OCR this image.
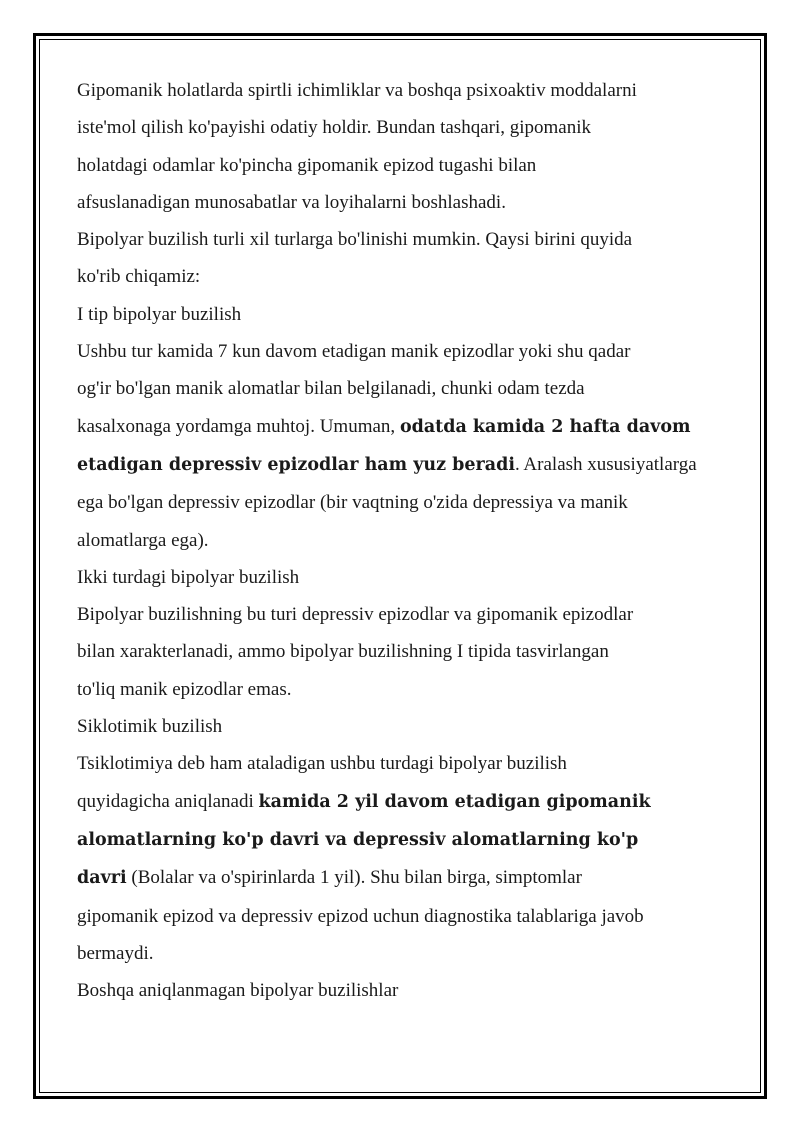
Gipomanik holatlarda spirtli ichimliklar va boshqa psixoaktiv moddalarni
iste'mol qilish ko'payishi odatiy holdir. Bundan tashqari, gipomanik
holatdagi odamlar ko'pincha gipomanik epizod tugashi bilan
afsuslanadigan munosabatlar va loyihalarni boshlashadi.
Bipolyar buzilish turli xil turlarga bo'linishi mumkin. Qaysi birini quyida
ko'rib chiqamiz:
I tip bipolyar buzilish
Ushbu tur kamida 7 kun davom etadigan manik epizodlar yoki shu qadar
og'ir bo'lgan manik alomatlar bilan belgilanadi, chunki odam tezda
kasalxonaga yordamga muhtoj. Umuman, odatda kamida 2 hafta davom
etadigan depressiv epizodlar ham yuz beradi. Aralash xususiyatlarga
ega bo'lgan depressiv epizodlar (bir vaqtning o'zida depressiya va manik
alomatlarga ega).
Ikki turdagi bipolyar buzilish
Bipolyar buzilishning bu turi depressiv epizodlar va gipomanik epizodlar
bilan xarakterlanadi, ammo bipolyar buzilishning I tipida tasvirlangan
to'liq manik epizodlar emas.
Siklotimik buzilish
Tsiklotimiya deb ham ataladigan ushbu turdagi bipolyar buzilish
quyidagicha aniqlanadi kamida 2 yil davom etadigan gipomanik
alomatlarning ko'p davri va depressiv alomatlarning ko'p
davri (Bolalar va o'spirinlarda 1 yil). Shu bilan birga, simptomlar
gipomanik epizod va depressiv epizod uchun diagnostika talablariga javob
bermaydi.
Boshqa aniqlanmagan bipolyar buzilishlar
